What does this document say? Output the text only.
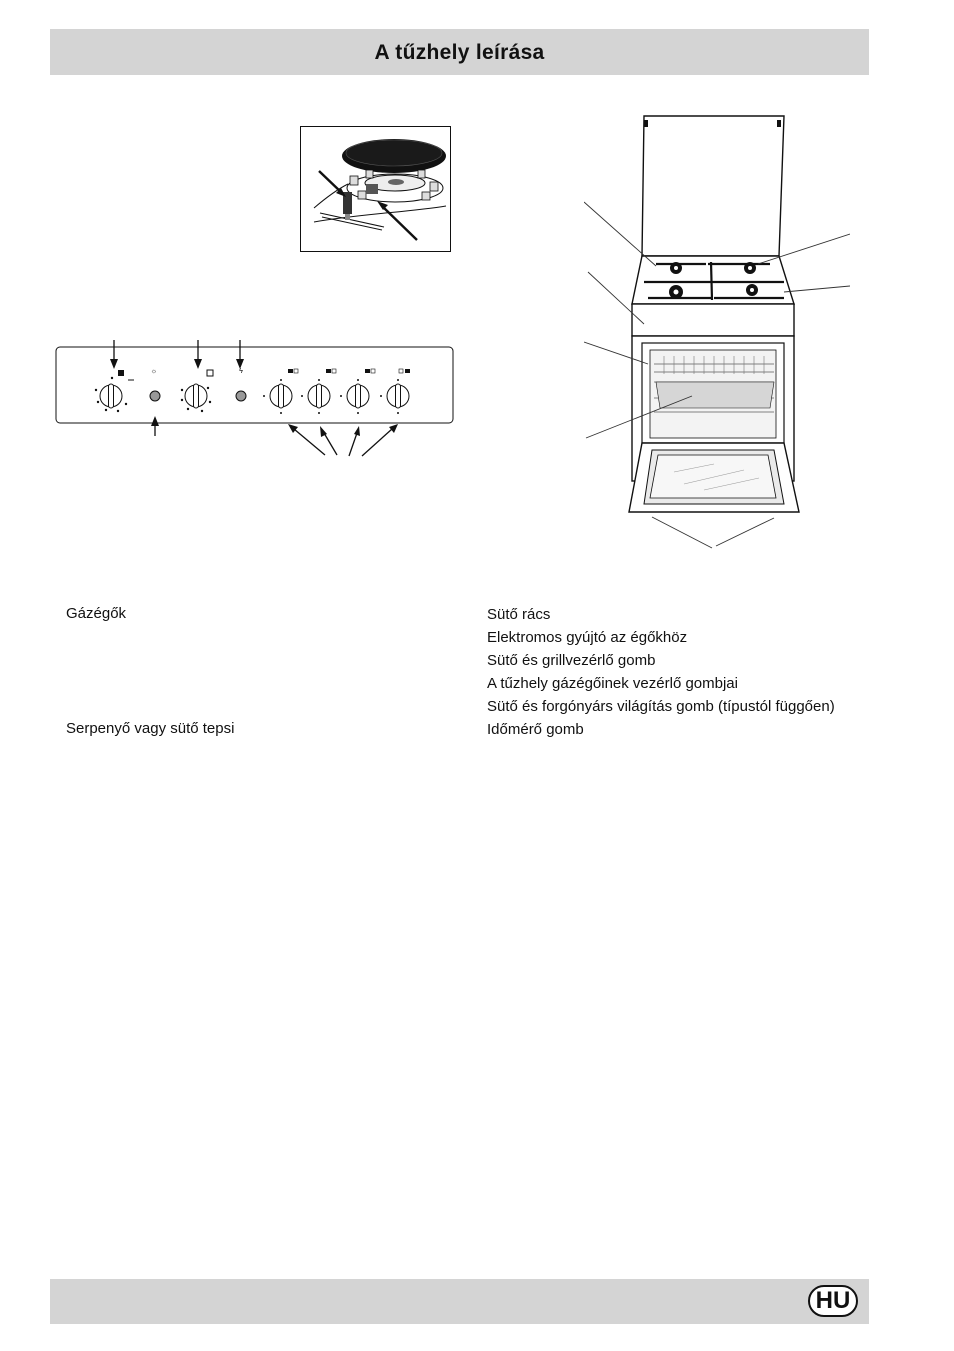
A tűzhely leírása
☼	ϟ
Gázégők
Serpenyő vagy sütő tepsi
Sütő rács
Elektromos gyújtó az égőkhöz
Sütő és grillvezérlő gomb
A tűzhely gázégőinek vezérlő gombjai
Sütő és forgónyárs világítás gomb (típustól függően)
Időmérő gomb
HU
